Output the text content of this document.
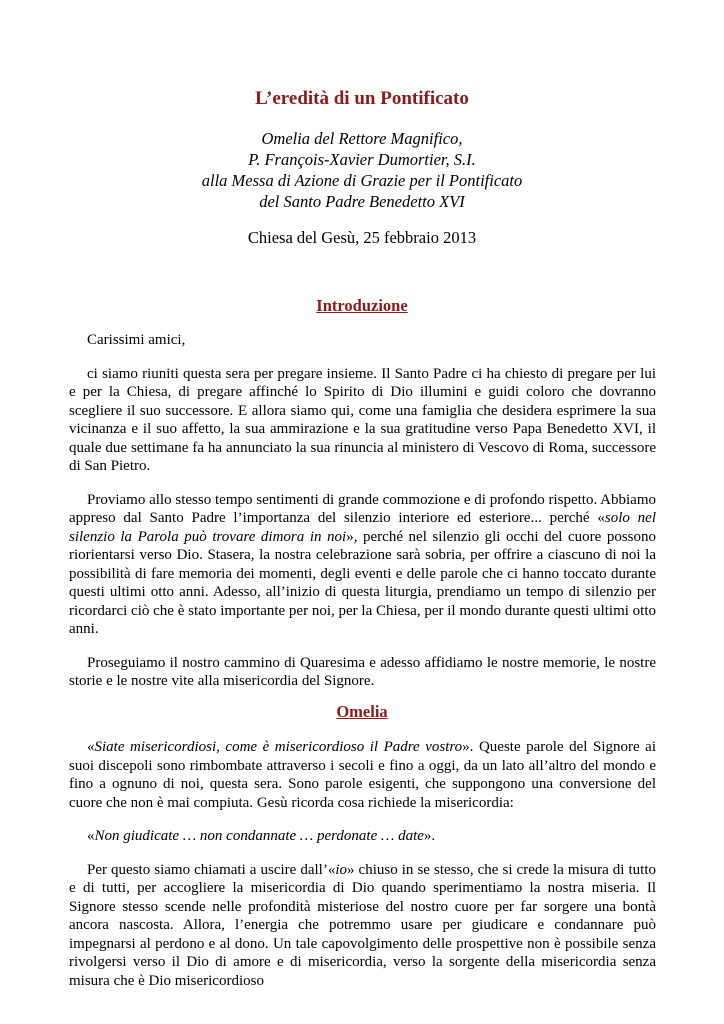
L’eredità di un Pontificato
Omelia del Rettore Magnifico,
P. François-Xavier Dumortier, S.I.
alla Messa di Azione di Grazie per il Pontificato
del Santo Padre Benedetto XVI

Chiesa del Gesù, 25 febbraio 2013

Introduzione

Carissimi amici,

ci siamo riuniti questa sera per pregare insieme. Il Santo Padre ci ha chiesto di pregare per lui e per la Chiesa, di pregare affinché lo Spirito di Dio illumini e guidi coloro che dovranno scegliere il suo successore. E allora siamo qui, come una famiglia che desidera esprimere la sua vicinanza e il suo affetto, la sua ammirazione e la sua gratitudine verso Papa Benedetto XVI, il quale due settimane fa ha annunciato la sua rinuncia al ministero di Vescovo di Roma, successore di San Pietro.

Proviamo allo stesso tempo sentimenti di grande commozione e di profondo rispetto. Abbiamo appreso dal Santo Padre l’importanza del silenzio interiore ed esteriore... perché «solo nel silenzio la Parola può trovare dimora in noi», perché nel silenzio gli occhi del cuore possono riorientarsi verso Dio. Stasera, la nostra celebrazione sarà sobria, per offrire a ciascuno di noi la possibilità di fare memoria dei momenti, degli eventi e delle parole che ci hanno toccato durante questi ultimi otto anni. Adesso, all’inizio di questa liturgia, prendiamo un tempo di silenzio per ricordarci ciò che è stato importante per noi, per la Chiesa, per il mondo durante questi ultimi otto anni.

Proseguiamo il nostro cammino di Quaresima e adesso affidiamo le nostre memorie, le nostre storie e le nostre vite alla misericordia del Signore.

Omelia

«Siate misericordiosi, come è misericordioso il Padre vostro». Queste parole del Signore ai suoi discepoli sono rimbombate attraverso i secoli e fino a oggi, da un lato all’altro del mondo e fino a ognuno di noi, questa sera. Sono parole esigenti, che suppongono una conversione del cuore che non è mai compiuta. Gesù ricorda cosa richiede la misericordia:

«Non giudicate … non condannate … perdonate … date».

Per questo siamo chiamati a uscire dall’«io» chiuso in se stesso, che si crede la misura di tutto e di tutti, per accogliere la misericordia di Dio quando sperimentiamo la nostra miseria. Il Signore stesso scende nelle profondità misteriose del nostro cuore per far sorgere una bontà ancora nascosta. Allora, l’energia che potremmo usare per giudicare e condannare può impegnarsi al perdono e al dono. Un tale capovolgimento delle prospettive non è possibile senza rivolgersi verso il Dio di amore e di misericordia, verso la sorgente della misericordia senza misura che è Dio misericordioso
